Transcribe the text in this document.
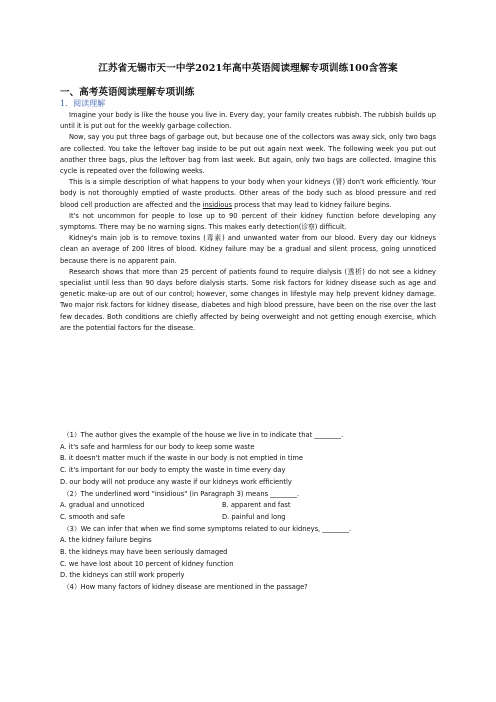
江苏省无锡市天一中学2021年高中英语阅读理解专项训练100含答案
一、高考英语阅读理解专项训练
1．阅读理解

Imagine your body is like the house you live in. Every day, your family creates rubbish. The rubbish builds up until it is put out for the weekly garbage collection.

Now, say you put three bags of garbage out, but because one of the collectors was away sick, only two bags are collected. You take the leftover bag inside to be put out again next week. The following week you put out another three bags, plus the leftover bag from last week. But again, only two bags are collected. Imagine this cycle is repeated over the following weeks.

This is a simple description of what happens to your body when your kidneys (肾) don't work efficiently. Your body is not thoroughly emptied of waste products. Other areas of the body such as blood pressure and red blood cell production are affected and the insidious process that may lead to kidney failure begins.

It's not uncommon for people to lose up to 90 percent of their kidney function before developing any symptoms. There may be no warning signs. This makes early detection(诊察) difficult.

Kidney's main job is to remove toxins (毒素) and unwanted water from our blood. Every day our kidneys clean an average of 200 litres of blood. Kidney failure may be a gradual and silent process, going unnoticed because there is no apparent pain.

Research shows that more than 25 percent of patients found to require dialysis (透析) do not see a kidney specialist until less than 90 days before dialysis starts. Some risk factors for kidney disease such as age and genetic make-up are out of our control; however, some changes in lifestyle may help prevent kidney damage. Two major risk factors for kidney disease, diabetes and high blood pressure, have been on the rise over the last few decades. Both conditions are chiefly affected by being overweight and not getting enough exercise, which are the potential factors for the disease.

（1）The author gives the example of the house we live in to indicate that ________.
A. it's safe and harmless for our body to keep some waste
B. it doesn't matter much if the waste in our body is not emptied in time
C. it's important for our body to empty the waste in time every day
D. our body will not produce any waste if our kidneys work efficiently
（2）The underlined word "insidious" (in Paragraph 3) means ________.
A. gradual and unnoticed	B. apparent and fast
C. smooth and safe	D. painful and long
（3）We can infer that when we find some symptoms related to our kidneys, ________.
A. the kidney failure begins
B. the kidneys may have been seriously damaged
C. we have lost about 10 percent of kidney function
D. the kidneys can still work properly
（4）How many factors of kidney disease are mentioned in the passage?
